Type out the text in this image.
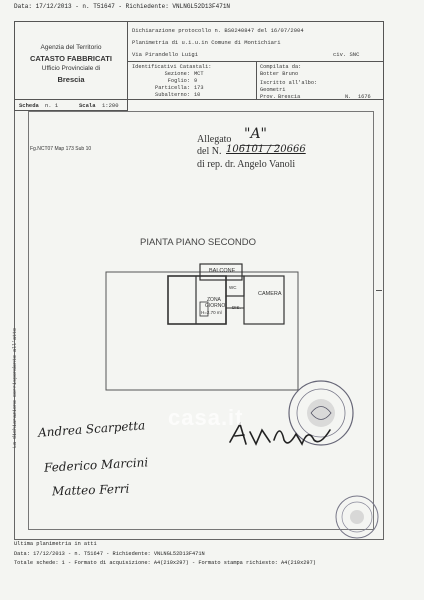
Data: 17/12/2013 - n. T51647 - Richiedente: VNLNGL52D13F471N
Agenzia del Territorio
CATASTO FABBRICATI
Ufficio Provinciale di
Brescia
Dichiarazione protocollo n. BS0240847 del 16/07/2004
Planimetria di u.i.u.in Comune di Montichiari
Via Pirandello Luigi	civ. SNC
Identificativi Catastali:
Sezione: MCT
Foglio: 9
Particella: 173
Subalterno: 10
Compilata da:
Botter Bruno
Iscritto all'albo:
Geometri
Prov. Brescia	N. 1676
Scheda n. 1	Scala 1:200
Fg.NCT07 Map 173 Sub 10
La dichiarazione corrispondente all'atto
Allegato "A"
del N. 106101 / 20666
di rep. dr. Angelo Vanoli
PIANTA PIANO SECONDO
BALCONE
WC
CAMERA
ZONA
GIORNO
H=2.70 ml
DIS.
Andrea Scarpetta
Federico Marcini
Matteo Ferri
casa.it
Ultima planimetria in atti
Data: 17/12/2013 - n. T51647 - Richiedente: VNLNGL52D13F471N
Totale schede: 1 - Formato di acquisizione: A4(210x297) - Formato stampa richiesto: A4(210x297)
